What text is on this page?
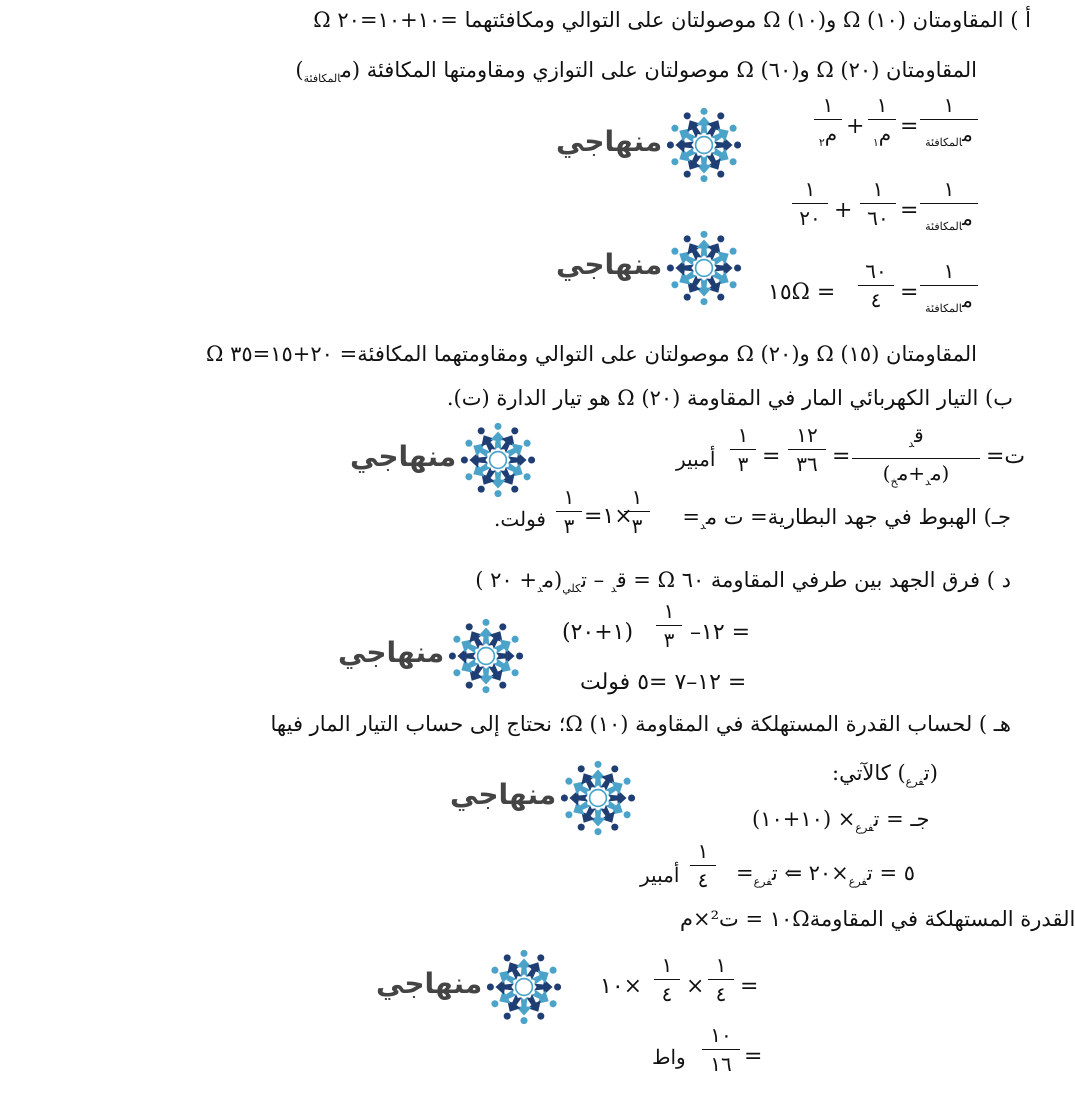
أ ) المقاومتان (١٠) Ω و(١٠) Ω موصولتان على التوالي ومكافئتهما =١٠+١٠=٢٠ Ω
المقاومتان (٢٠) Ω و(٦٠) Ω موصولتان على التوازي ومقاومتها المكافئة (م$_{المكافئة}$)
١
م$_{المكافئة}$
=
١
م$_١$
+
١
م$_٢$
١
م$_{المكافئة}$
=
١
٦٠
+
١
٢٠
١
م$_{المكافئة}$
=
٦٠
٤
= ١٥Ω
المقاومتان (١٥) Ω و(٢٠) Ω موصولتان على التوالي ومقاومتهما المكافئة= ٢٠+١٥=٣٥ Ω
ب) التيار الكهربائي المار في المقاومة (٢٠) Ω هو تيار الدارة (ت).
ت=
ق$_د$
(م$_د$+م$_خ$)
=
١٢
٣٦
=
١
٣
أمبير
جـ) الهبوط في جهد البطارية= ت م$_د$=
١
٣
×١=
١
٣
فولت.
د ) فرق الجهد بين طرفي المقاومة ٦٠ Ω = ق$_د$ – ت$_{كلي}$(م$_د$+ ٢٠ )
= ١٢–
١
٣
(١+٢٠)
= ١٢–٧ =٥ فولت
هـ ) لحساب القدرة المستهلكة في المقاومة (١٠) Ω؛ نحتاج إلى حساب التيار المار فيها
(ت$_{فرع}$) كالآتي:
جـ = ت$_{فرع}$× (١٠+١٠)
٥ = ت$_{فرع}$×٢٠ ⇐ ت$_{فرع}$=
١
٤
أمبير
القدرة المستهلكة في المقاومة١٠Ω = ت²×م
=
١
٤
×
١
٤
×١٠
=
١٠
١٦
واط
منهاجي
منهاجي
منهاجي
منهاجي
منهاجي
منهاجي
